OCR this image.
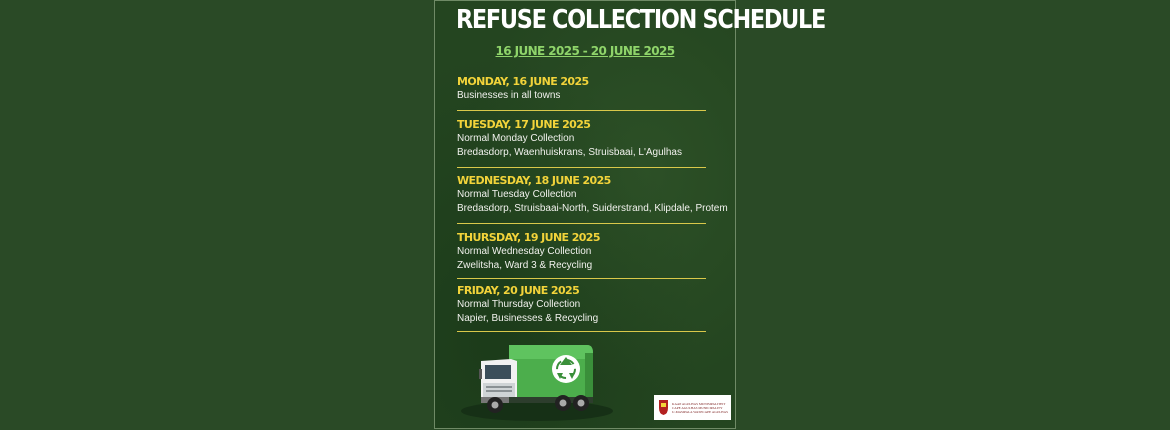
REFUSE COLLECTION SCHEDULE
16 JUNE 2025 - 20 JUNE 2025
MONDAY, 16 JUNE 2025
Businesses in all towns
TUESDAY, 17 JUNE 2025
Normal Monday Collection
Bredasdorp, Waenhuiskrans, Struisbaai, L'Agulhas
WEDNESDAY, 18 JUNE 2025
Normal Tuesday Collection
Bredasdorp, Struisbaai-North, Suiderstrand, Klipdale, Protem
THURSDAY, 19 JUNE 2025
Normal Wednesday Collection
Zwelitsha, Ward 3 & Recycling
FRIDAY, 20 JUNE 2025
Normal Thursday Collection
Napier, Businesses & Recycling
KAAP AGULHAS MUNISIPALITEIT
CAPE AGULHAS MUNICIPALITY
U-MASIPALA WASECAPE AGULHAS
